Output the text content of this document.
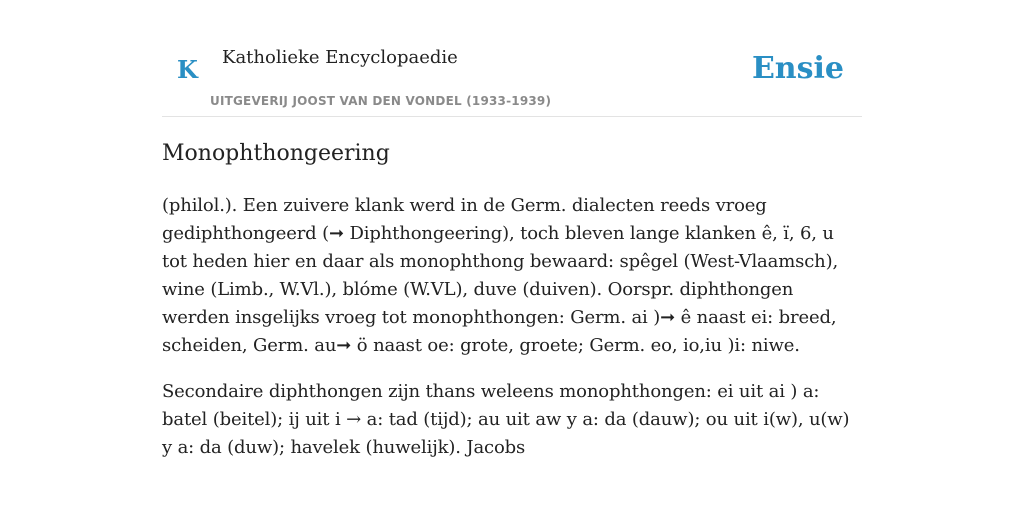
K Katholieke Encyclopaedie
UITGEVERIJ JOOST VAN DEN VONDEL (1933-1939)
Ensie
Monophthongeering

(philol.). Een zuivere klank werd in de Germ. dialecten reeds vroeg gediphthongeerd (➞ Diphthongeering), toch bleven lange klanken ê, ï, 6, u tot heden hier en daar als monophthong bewaard: spêgel (West-Vlaamsch), wine (Limb., W.Vl.), blóme (W.VL), duve (duiven). Oorspr. diphthongen werden insgelijks vroeg tot monophthongen: Germ. ai )➞ ê naast ei: breed, scheiden, Germ. au➞ ö naast oe: grote, groete; Germ. eo, io,iu )i: niwe.

Secondaire diphthongen zijn thans weleens monophthongen: ei uit ai ) a: batel (beitel); ij uit i → a: tad (tijd); au uit aw y a: da (dauw); ou uit i(w), u(w) y a: da (duw); havelek (huwelijk). Jacobs
